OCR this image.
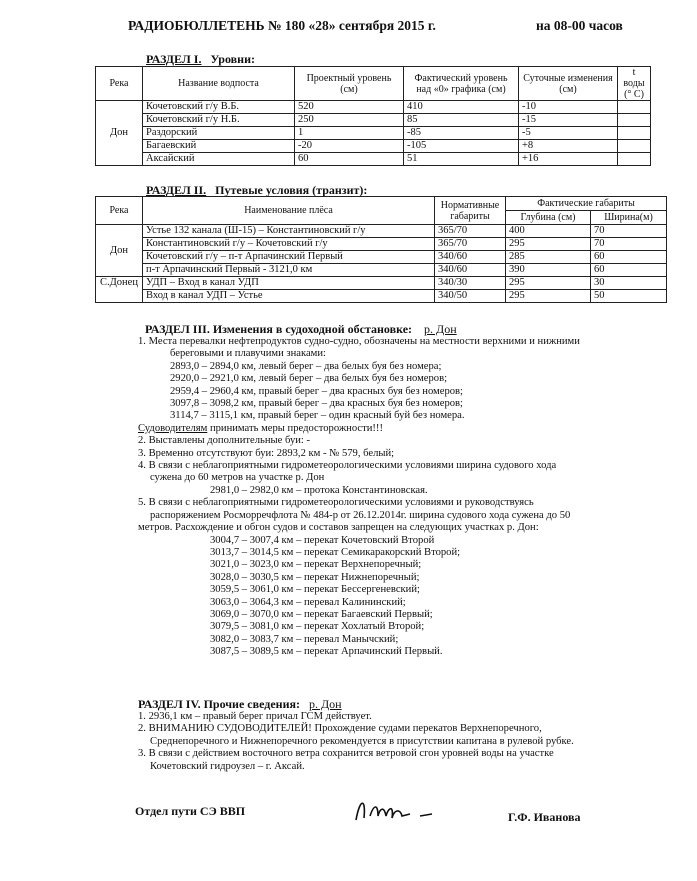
РАДИОБЮЛЛЕТЕНЬ № 180 «28» сентября 2015 г.	на 08-00 часов
РАЗДЕЛ I. Уровни:
Река	Название водпоста	Проектный уровень (см)	Фактический уровень над «0» графика (см)	Суточные изменения (см)	t воды (° С)
Дон	Кочетовский г/у В.Б.	520	410	-10	
	Кочетовский г/у Н.Б.	250	85	-15	
	Раздорский	1	-85	-5	
	Багаевский	-20	-105	+8	
	Аксайский	60	51	+16	
РАЗДЕЛ II. Путевые условия (транзит):
Река	Наименование плёса	Нормативные габариты	Фактические габариты	
			Глубина (см)	Ширина(м)
Дон	Устье 132 канала (Ш-15) – Константиновский г/у	365/70	400	70
	Константиновский г/у – Кочетовский г/у	365/70	295	70
	Кочетовский г/у – п-т Арпачинский Первый	340/60	285	60
	п-т Арпачинский Первый - 3121,0 км	340/60	390	60
С.Донец	УДП – Вход в канал УДП	340/30	295	30
	Вход в канал УДП – Устье	340/50	295	50
РАЗДЕЛ III. Изменения в судоходной обстановке: р. Дон

1. Места перевалки нефтепродуктов судно-судно, обозначены на местности верхними и нижними

береговыми и плавучими знаками:

2893,0 – 2894,0 км, левый берег – два белых буя без номера;

2920,0 – 2921,0 км, левый берег – два белых буя без номеров;

2959,4 – 2960,4 км, правый берег – два красных буя без номеров;

3097,8 – 3098,2 км, правый берег – два красных буя без номеров;

3114,7 – 3115,1 км, правый берег – один красный буй без номера.

Судоводителям принимать меры предосторожности!!!

2. Выставлены дополнительные буи: -

3. Временно отсутствуют буи: 2893,2 км - № 579, белый;

4. В связи с неблагоприятными гидрометеорологическими условиями ширина судового хода

сужена до 60 метров на участке р. Дон

2981,0 – 2982,0 км – протока Константиновская.

5. В связи с неблагоприятными гидрометеорологическими условиями и руководствуясь

распоряжением Росморречфлота № 484-р от 26.12.2014г. ширина судового хода сужена до 50

метров. Расхождение и обгон судов и составов запрещен на следующих участках р. Дон:

3004,7 – 3007,4 км – перекат Кочетовский Второй

3013,7 – 3014,5 км – перекат Семикаракорский Второй;

3021,0 – 3023,0 км – перекат Верхнепоречный;

3028,0 – 3030,5 км – перекат Нижнепоречный;

3059,5 – 3061,0 км – перекат Бессергеневский;

3063,0 – 3064,3 км – перевал Калининский;

3069,0 – 3070,0 км – перекат Багаевский Первый;

3079,5 – 3081,0 км – перекат Хохлатый Второй;

3082,0 – 3083,7 км – перевал Манычский;

3087,5 – 3089,5 км – перекат Арпачинский Первый.

РАЗДЕЛ IV. Прочие сведения: р. Дон

1. 2936,1 км – правый берег причал ГСМ действует.

2. ВНИМАНИЮ СУДОВОДИТЕЛЕЙ! Прохождение судами перекатов Верхнепоречного,

Среднепоречного и Нижнепоречного рекомендуется в присутствии капитана в рулевой рубке.

3. В связи с действием восточного ветра сохранится ветровой сгон уровней воды на участке

Кочетовский гидроузел – г. Аксай.

Отдел пути СЭ ВВП	Г.Ф. Иванова
